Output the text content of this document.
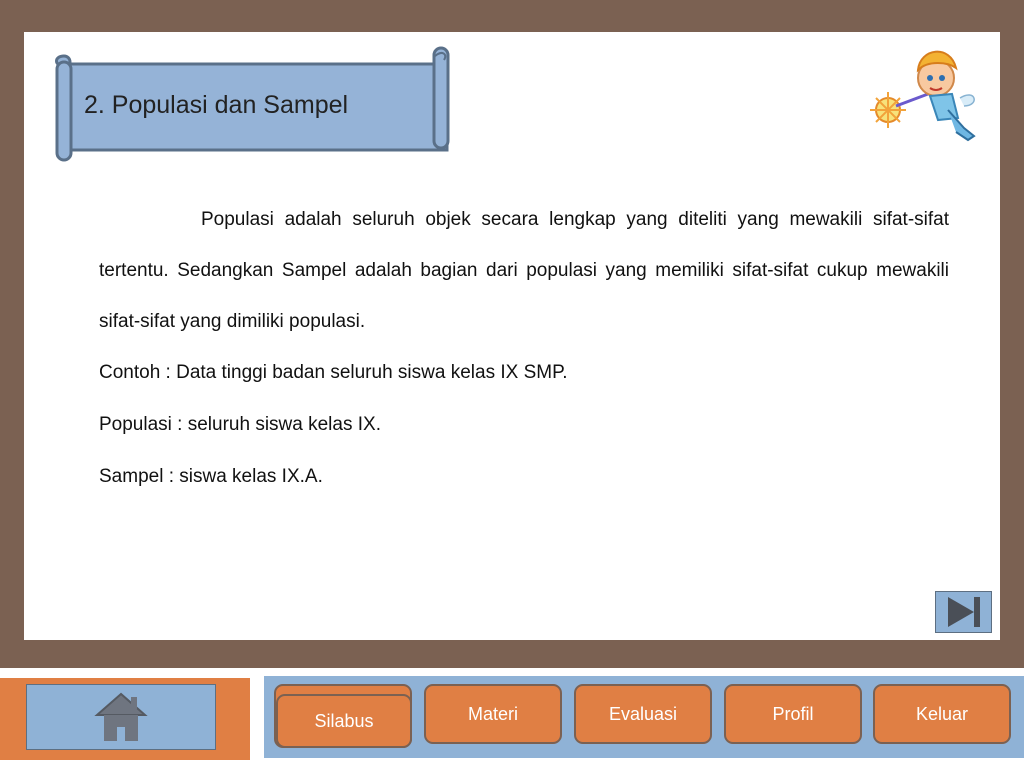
2. Populasi dan Sampel

Populasi adalah seluruh objek secara lengkap yang diteliti yang mewakili sifat-sifat tertentu. Sedangkan Sampel adalah bagian dari populasi yang memiliki sifat-sifat cukup mewakili sifat-sifat yang dimiliki populasi.

Contoh : Data tinggi badan seluruh siswa kelas IX SMP.

Populasi : seluruh siswa kelas IX.

Sampel : siswa kelas IX.A.

Silabus	Materi	Evaluasi	Profil	Keluar
